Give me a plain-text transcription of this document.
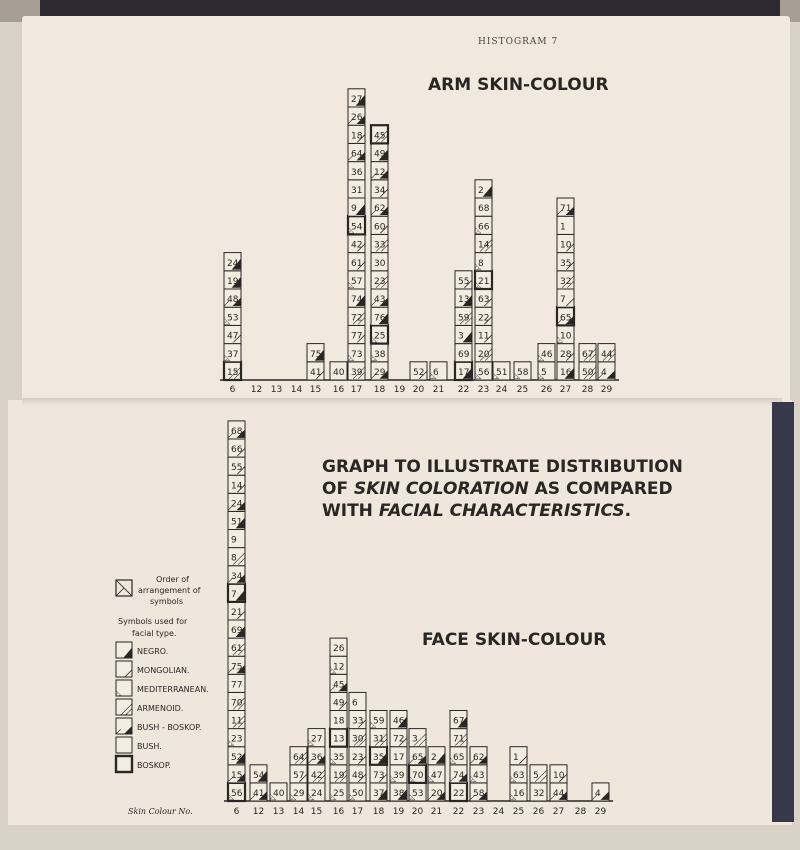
HISTOGRAM 7
ARM SKIN-COLOUR
FACE SKIN-COLOUR
GRAPH TO ILLUSTRATE DISTRIBUTION
OF SKIN COLORATION AS COMPARED
WITH FACIAL CHARACTERISTICS.
Order of
arrangement of
symbols
Symbols used for
facial type.
NEGRO.
MONGOLIAN.
MEDITERRANEAN.
ARMENOID.
BUSH - BOSKOP.
BUSH.
BOSKOP.
15
37
47
53
48
19
24
41
75
40 39
73
77
72
74
57
61
42
54
9
31
36
64
18
26
27
29
38
25
76
43
23
30
33
60
62
34
12
49
45
52 6 17
69
3
59
13
55
56
20
11
22
63
21
8
14
66
68
2
51 58 5
46
16
28
10
65
7
32
35
10
1
71
50
67
4
44
6 12 13 14 15 16 17 18 19 20 21 22 23 24 25 26 27 28 29
56
15
52
23
11
70
77
75
61
69
21
7
34
8
9
51
24
14
55
66
68
41
54
40 29
57
64
24
42
36
27
25
19
35
13
18
49
45
12
26
50
48
23
30
33
6
37
73
35
31
59
38
39
17
72
46
53
70
65
3
20
47
2
22
74
65
71
67
58
43
62
16
63
1
32
5
44
10
4
6 12 13 14 15 16 17 18 19 20 21 22 23 24 25 26 27 28 29
Skin Colour No.
